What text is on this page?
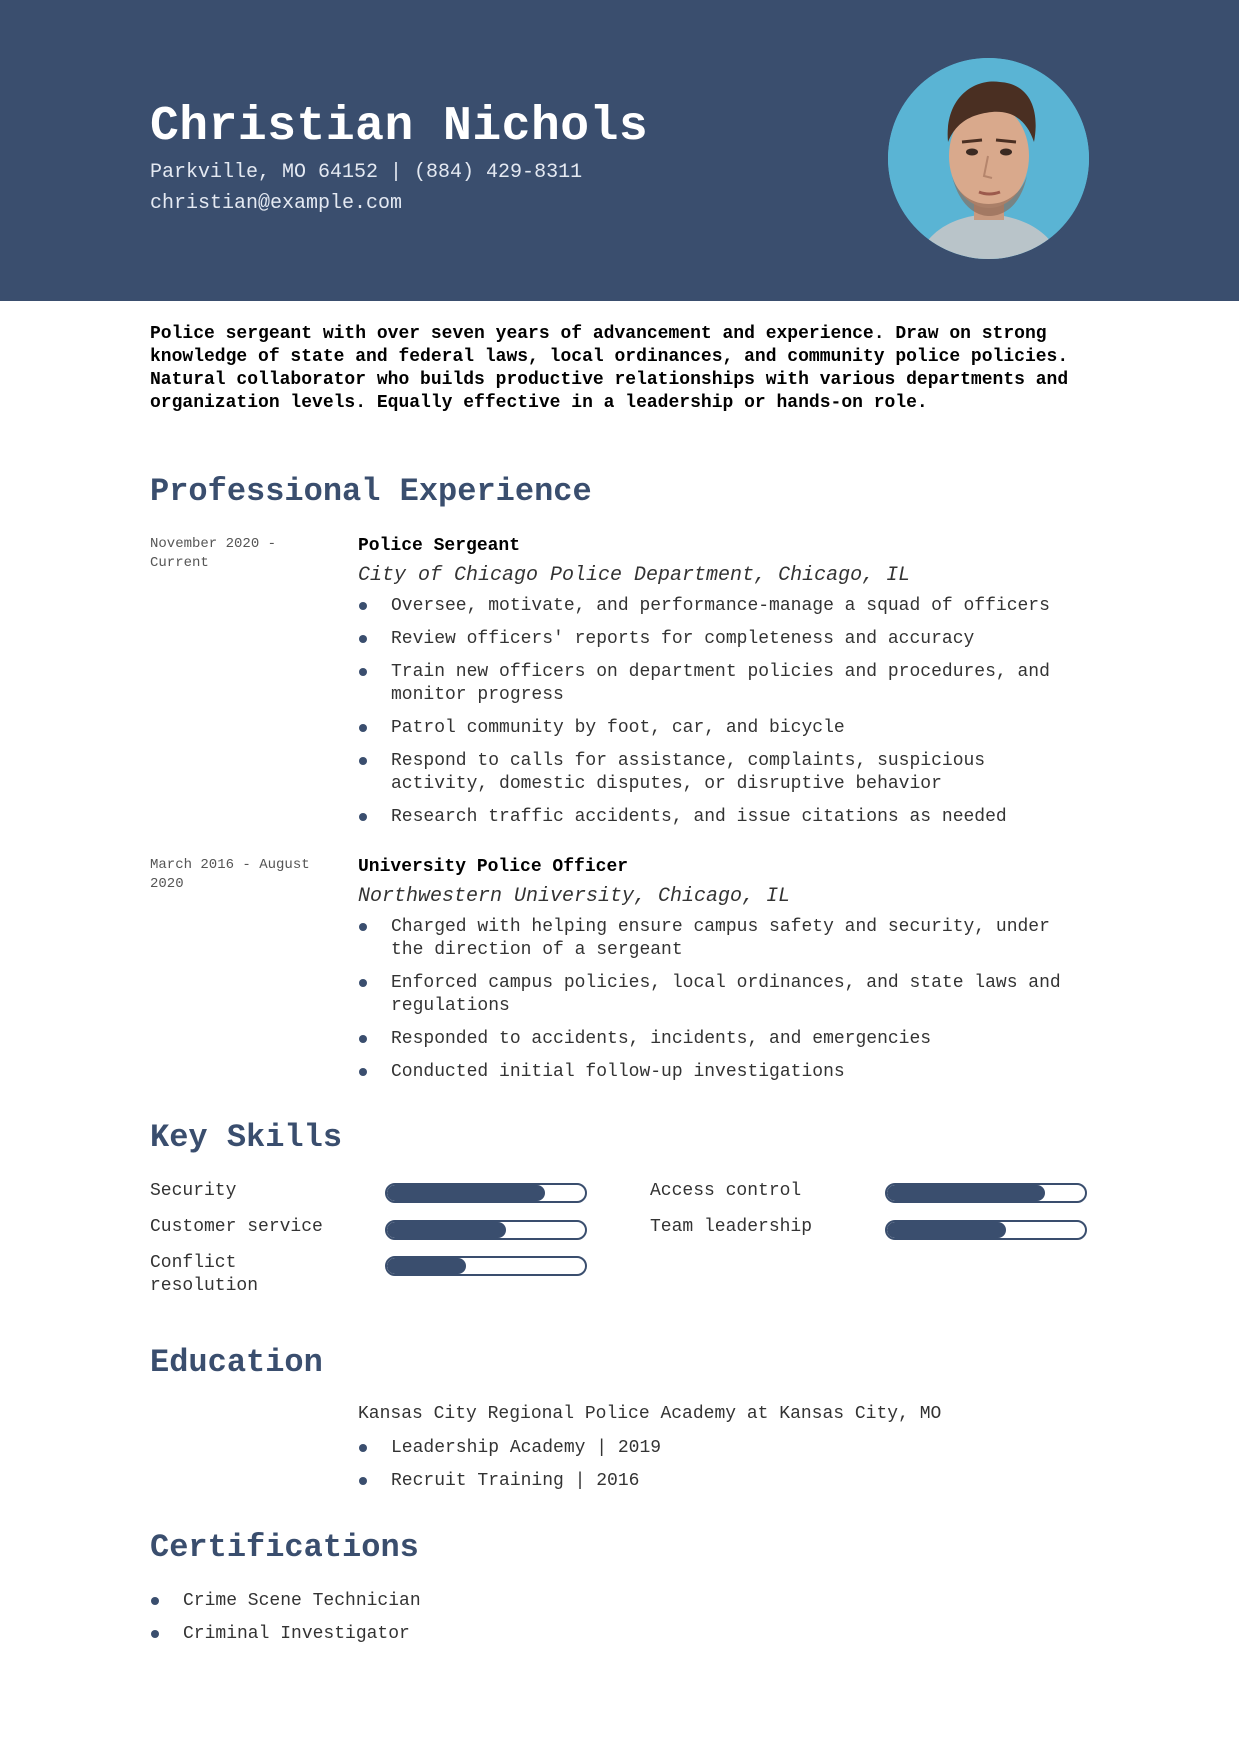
Christian Nichols
Parkville, MO 64152 | (884) 429-8311
christian@example.com

Police sergeant with over seven years of advancement and experience. Draw on strong knowledge of state and federal laws, local ordinances, and community police policies. Natural collaborator who builds productive relationships with various departments and organization levels. Equally effective in a leadership or hands-on role.

Professional Experience
November 2020 - Current
Police Sergeant
City of Chicago Police Department, Chicago, IL
Oversee, motivate, and performance-manage a squad of officers
Review officers' reports for completeness and accuracy
Train new officers on department policies and procedures, and monitor progress
Patrol community by foot, car, and bicycle
Respond to calls for assistance, complaints, suspicious activity, domestic disputes, or disruptive behavior
Research traffic accidents, and issue citations as needed
March 2016 - August 2020
University Police Officer
Northwestern University, Chicago, IL
Charged with helping ensure campus safety and security, under the direction of a sergeant
Enforced campus policies, local ordinances, and state laws and regulations
Responded to accidents, incidents, and emergencies
Conducted initial follow-up investigations
Key Skills
Security	Access control
Customer service	Team leadership
Conflict resolution
Education
Kansas City Regional Police Academy at Kansas City, MO
Leadership Academy | 2019
Recruit Training | 2016
Certifications
Crime Scene Technician
Criminal Investigator
